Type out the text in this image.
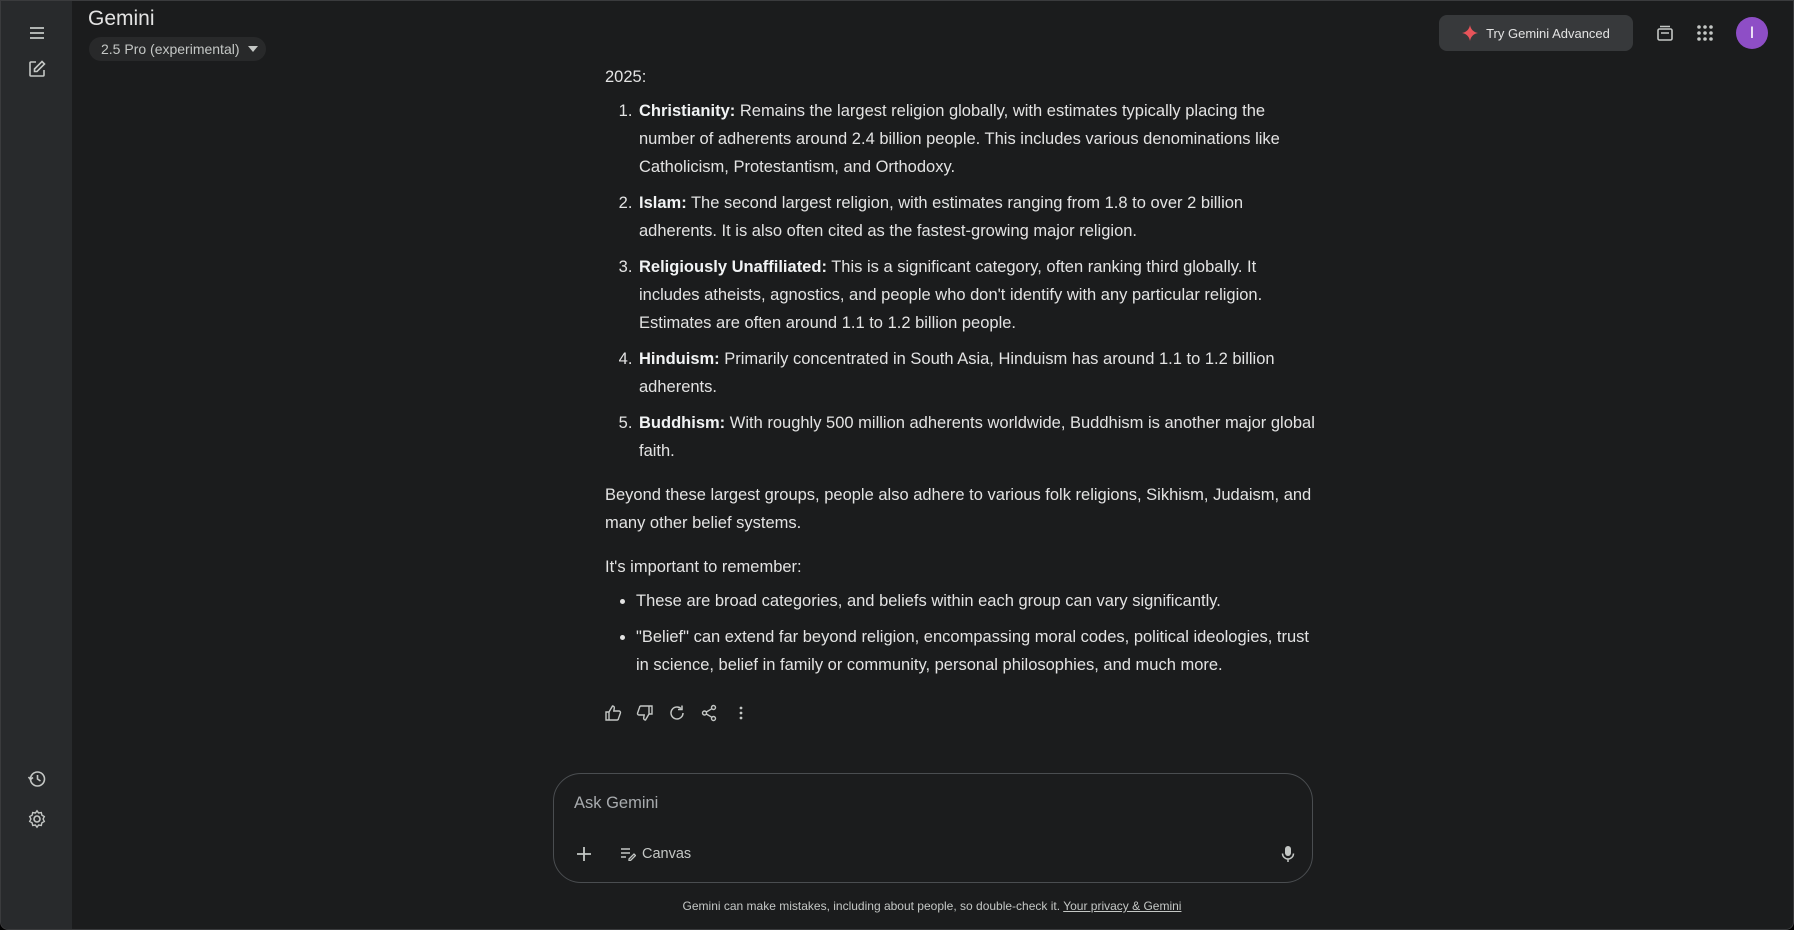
Gemini
2.5 Pro (experimental)
Try Gemini Advanced	I

2025:

1. Christianity: Remains the largest religion globally, with estimates typically placing the number of adherents around 2.4 billion people. This includes various denominations like Catholicism, Protestantism, and Orthodoxy.
2. Islam: The second largest religion, with estimates ranging from 1.8 to over 2 billion adherents. It is also often cited as the fastest-growing major religion.
3. Religiously Unaffiliated: This is a significant category, often ranking third globally. It includes atheists, agnostics, and people who don't identify with any particular religion. Estimates are often around 1.1 to 1.2 billion people.
4. Hinduism: Primarily concentrated in South Asia, Hinduism has around 1.1 to 1.2 billion adherents.
5. Buddhism: With roughly 500 million adherents worldwide, Buddhism is another major global faith.

Beyond these largest groups, people also adhere to various folk religions, Sikhism, Judaism, and many other belief systems.

It's important to remember:

• These are broad categories, and beliefs within each group can vary significantly.
• "Belief" can extend far beyond religion, encompassing moral codes, political ideologies, trust in science, belief in family or community, personal philosophies, and much more.
Ask Gemini
Canvas
Gemini can make mistakes, including about people, so double-check it. Your privacy & Gemini
